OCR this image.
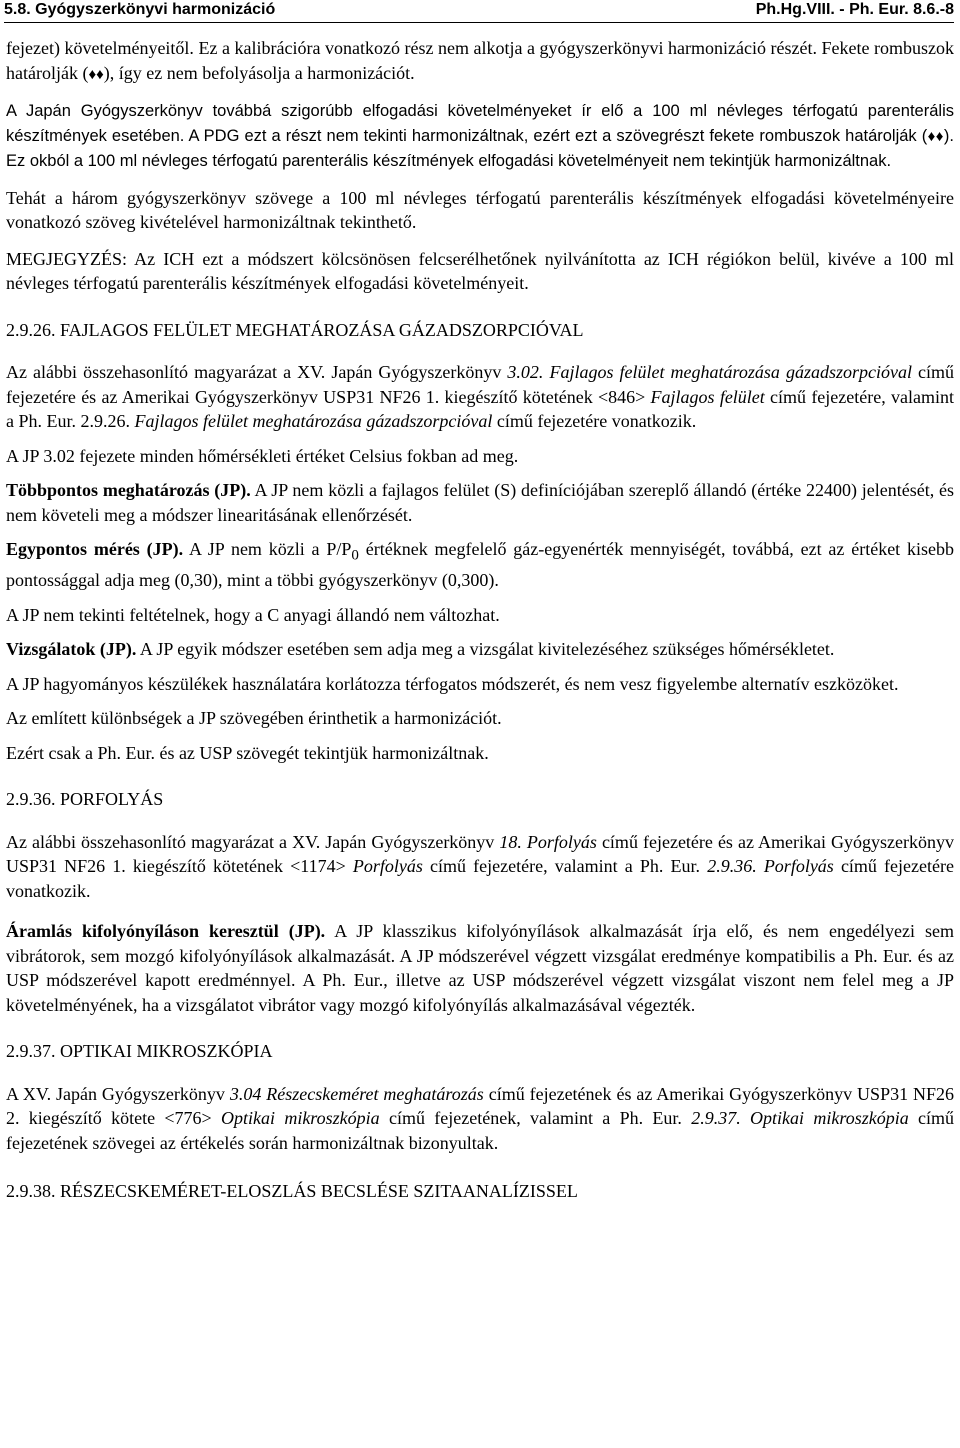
5.8. Gyógyszerkönyvi harmonizáció	Ph.Hg.VIII. - Ph. Eur. 8.6.-8

fejezet) követelményeitől. Ez a kalibrációra vonatkozó rész nem alkotja a gyógyszerkönyvi harmonizáció részét. Fekete rombuszok határolják (♦♦), így ez nem befolyásolja a harmonizációt.

A Japán Gyógyszerkönyv továbbá szigorúbb elfogadási követelményeket ír elő a 100 ml névleges térfogatú parenterális készítmények esetében. A PDG ezt a részt nem tekinti harmonizáltnak, ezért ezt a szövegrészt fekete rombuszok határolják (♦♦). Ez okból a 100 ml névleges térfogatú parenterális készítmények elfogadási követelményeit nem tekintjük harmonizáltnak.

Tehát a három gyógyszerkönyv szövege a 100 ml névleges térfogatú parenterális készítmények elfogadási követelményeire vonatkozó szöveg kivételével harmonizáltnak tekinthető.

MEGJEGYZÉS: Az ICH ezt a módszert kölcsönösen felcserélhetőnek nyilvánította az ICH régiókon belül, kivéve a 100 ml névleges térfogatú parenterális készítmények elfogadási követelményeit.

2.9.26. FAJLAGOS FELÜLET MEGHATÁROZÁSA GÁZADSZORPCIÓVAL

Az alábbi összehasonlító magyarázat a XV. Japán Gyógyszerkönyv 3.02. Fajlagos felület meghatározása gázadszorpcióval című fejezetére és az Amerikai Gyógyszerkönyv USP31 NF26 1. kiegészítő kötetének <846> Fajlagos felület című fejezetére, valamint a Ph. Eur. 2.9.26. Fajlagos felület meghatározása gázadszorpcióval című fejezetére vonatkozik.

A JP 3.02 fejezete minden hőmérsékleti értéket Celsius fokban ad meg.

Többpontos meghatározás (JP). A JP nem közli a fajlagos felület (S) definíciójában szereplő állandó (értéke 22400) jelentését, és nem követeli meg a módszer linearitásának ellenőrzését.

Egypontos mérés (JP). A JP nem közli a $P/P_0$ értéknek megfelelő gáz-egyenérték mennyiségét, továbbá, ezt az értéket kisebb pontossággal adja meg (0,30), mint a többi gyógyszerkönyv (0,300).

A JP nem tekinti feltételnek, hogy a C anyagi állandó nem változhat.

Vizsgálatok (JP). A JP egyik módszer esetében sem adja meg a vizsgálat kivitelezéséhez szükséges hőmérsékletet.

A JP hagyományos készülékek használatára korlátozza térfogatos módszerét, és nem vesz figyelembe alternatív eszközöket.

Az említett különbségek a JP szövegében érinthetik a harmonizációt.

Ezért csak a Ph. Eur. és az USP szövegét tekintjük harmonizáltnak.

2.9.36. PORFOLYÁS

Az alábbi összehasonlító magyarázat a XV. Japán Gyógyszerkönyv 18. Porfolyás című fejezetére és az Amerikai Gyógyszerkönyv USP31 NF26 1. kiegészítő kötetének <1174> Porfolyás című fejezetére, valamint a Ph. Eur. 2.9.36. Porfolyás című fejezetére vonatkozik.

Áramlás kifolyónyíláson keresztül (JP). A JP klasszikus kifolyónyílások alkalmazását írja elő, és nem engedélyezi sem vibrátorok, sem mozgó kifolyónyílások alkalmazását. A JP módszerével végzett vizsgálat eredménye kompatibilis a Ph. Eur. és az USP módszerével kapott eredménnyel. A Ph. Eur., illetve az USP módszerével végzett vizsgálat viszont nem felel meg a JP követelményének, ha a vizsgálatot vibrátor vagy mozgó kifolyónyílás alkalmazásával végezték.

2.9.37. OPTIKAI MIKROSZKÓPIA

A XV. Japán Gyógyszerkönyv 3.04 Részecskeméret meghatározás című fejezetének és az Amerikai Gyógyszerkönyv USP31 NF26 2. kiegészítő kötete <776> Optikai mikroszkópia című fejezetének, valamint a Ph. Eur. 2.9.37. Optikai mikroszkópia című fejezetének szövegei az értékelés során harmonizáltnak bizonyultak.

2.9.38. RÉSZECSKEMÉRET-ELOSZLÁS BECSLÉSE SZITAANALÍZISSEL
